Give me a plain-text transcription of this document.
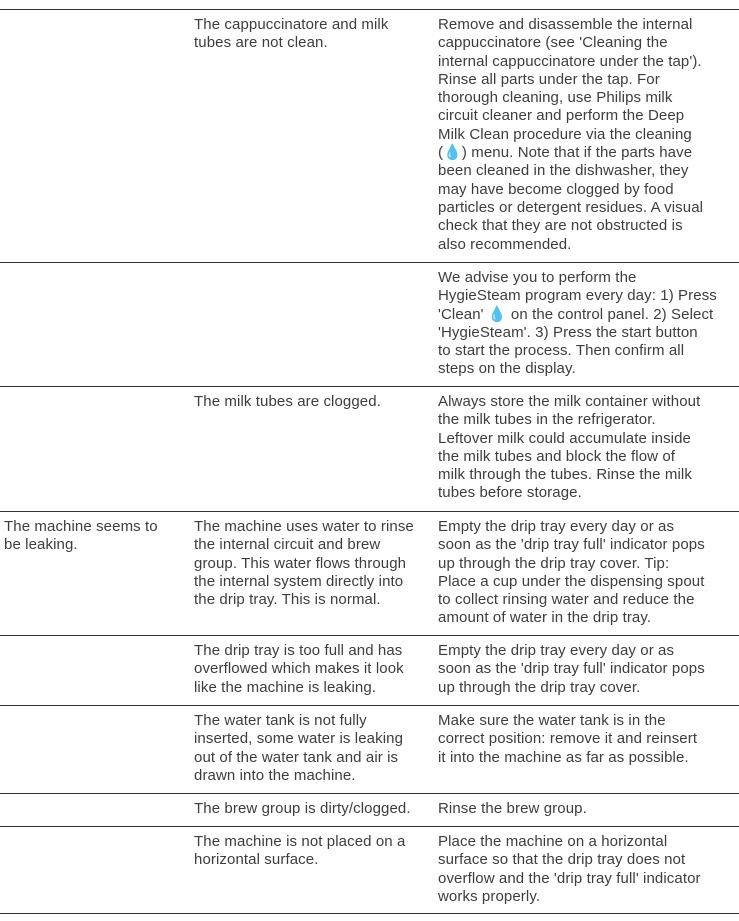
The cappuccinatore and milk
tubes are not clean.
Remove and disassemble the internal
cappuccinatore (see 'Cleaning the
internal cappuccinatore under the tap').
Rinse all parts under the tap. For
thorough cleaning, use Philips milk
circuit cleaner and perform the Deep
Milk Clean procedure via the cleaning
(💧) menu. Note that if the parts have
been cleaned in the dishwasher, they
may have become clogged by food
particles or detergent residues. A visual
check that they are not obstructed is
also recommended.
We advise you to perform the
HygieSteam program every day: 1) Press
'Clean' 💧 on the control panel. 2) Select
'HygieSteam'. 3) Press the start button
to start the process. Then confirm all
steps on the display.
The milk tubes are clogged.	Always store the milk container without
the milk tubes in the refrigerator.
Leftover milk could accumulate inside
the milk tubes and block the flow of
milk through the tubes. Rinse the milk
tubes before storage.
The machine seems to
be leaking.
The machine uses water to rinse
the internal circuit and brew
group. This water flows through
the internal system directly into
the drip tray. This is normal.
Empty the drip tray every day or as
soon as the 'drip tray full' indicator pops
up through the drip tray cover. Tip:
Place a cup under the dispensing spout
to collect rinsing water and reduce the
amount of water in the drip tray.
The drip tray is too full and has
overflowed which makes it look
like the machine is leaking.
Empty the drip tray every day or as
soon as the 'drip tray full' indicator pops
up through the drip tray cover.
The water tank is not fully
inserted, some water is leaking
out of the water tank and air is
drawn into the machine.
Make sure the water tank is in the
correct position: remove it and reinsert
it into the machine as far as possible.
The brew group is dirty/clogged.	Rinse the brew group.
The machine is not placed on a
horizontal surface.
Place the machine on a horizontal
surface so that the drip tray does not
overflow and the 'drip tray full' indicator
works properly.
